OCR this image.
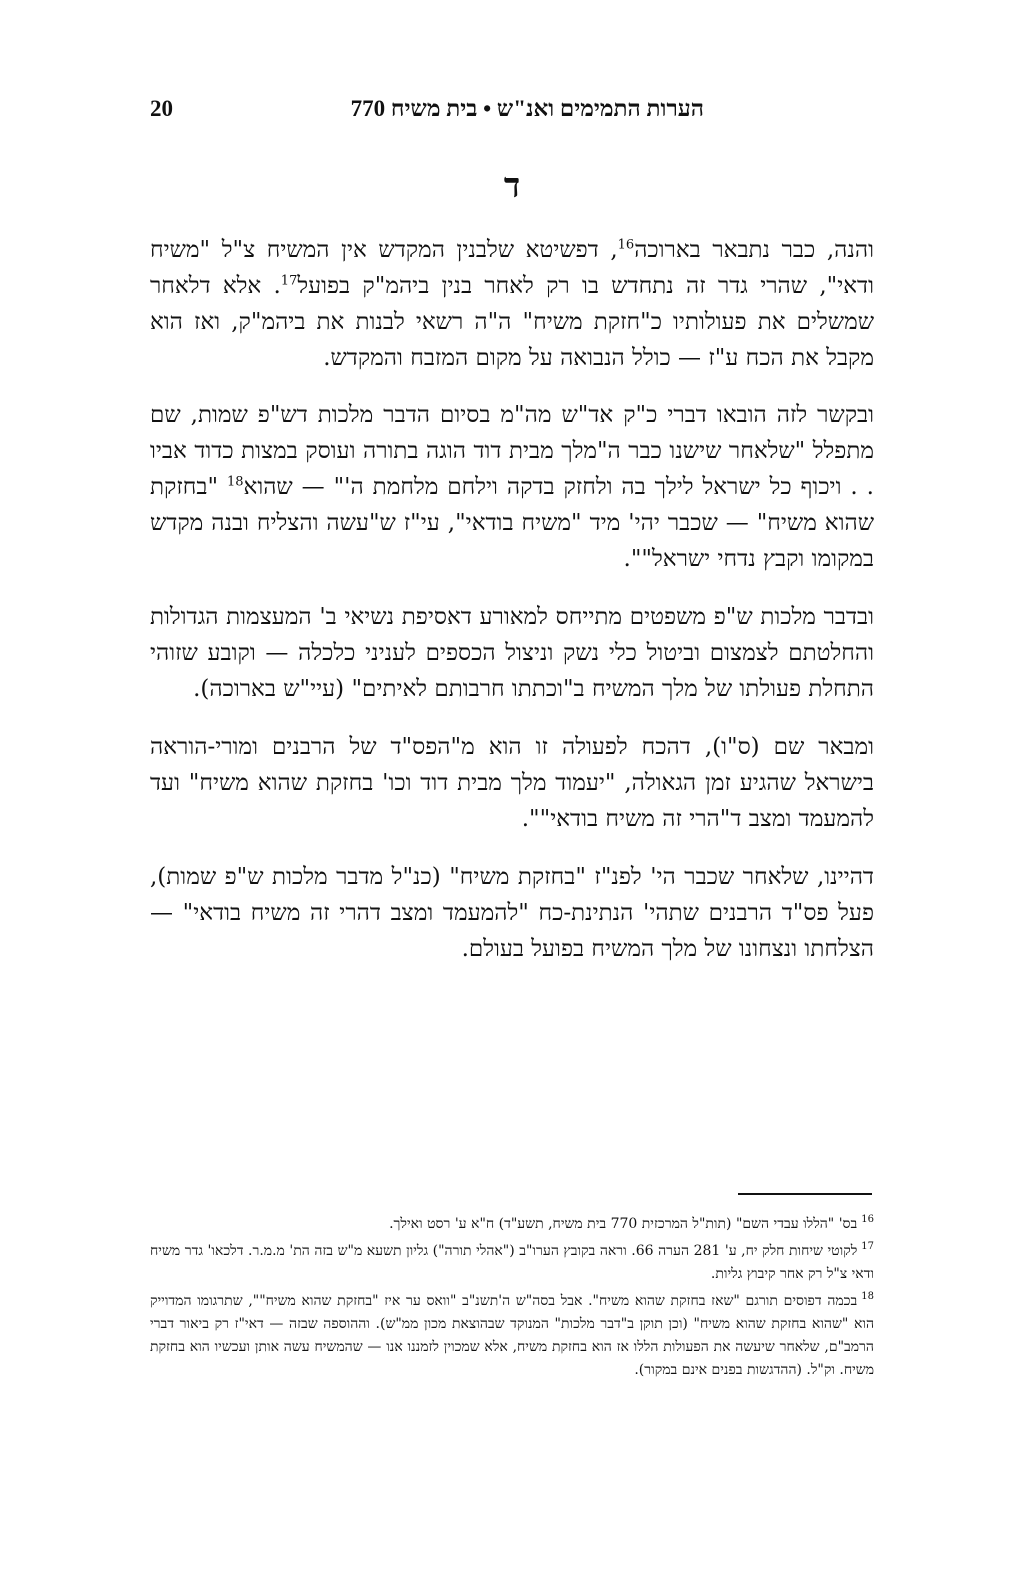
הערות התמימים ואנ"ש • בית משיח 770
20
ד

והנה, כבר נתבאר בארוכה$^{16}$, דפשיטא שלבנין המקדש אין המשיח צ"ל "משיח ודאי", שהרי גדר זה נתחדש בו רק לאחר בנין ביהמ"ק בפועל$^{17}$. אלא דלאחר שמשלים את פעולותיו כ"חזקת משיח" ה"ה רשאי לבנות את ביהמ"ק, ואז הוא מקבל את הכח ע"ז — כולל הנבואה על מקום המזבח והמקדש.

ובקשר לזה הובאו דברי כ"ק אד"ש מה"מ בסיום הדבר מלכות דש"פ שמות, שם מתפלל "שלאחר שישנו כבר ה"מלך מבית דוד הוגה בתורה ועוסק במצות כדוד אביו . . ויכוף כל ישראל לילך בה ולחזק בדקה וילחם מלחמת ה'" — שהוא$^{18}$ "בחזקת שהוא משיח" — שכבר יהי' מיד "משיח בודאי", עי"ז ש"עשה והצליח ובנה מקדש במקומו וקבץ נדחי ישראל"".

ובדבר מלכות ש"פ משפטים מתייחס למאורע דאסיפת נשיאי ב' המעצמות הגדולות והחלטתם לצמצום וביטול כלי נשק וניצול הכספים לעניני כלכלה — וקובע שזוהי התחלת פעולתו של מלך המשיח ב"וכתתו חרבותם לאיתים" (עיי"ש בארוכה).

ומבאר שם (ס"ו), דהכח לפעולה זו הוא מ"הפס"ד של הרבנים ומורי-הוראה בישראל שהגיע זמן הגאולה, "יעמוד מלך מבית דוד וכו' בחזקת שהוא משיח" ועד להמעמד ומצב ד"הרי זה משיח בודאי"".

דהיינו, שלאחר שכבר הי' לפנ"ז "בחזקת משיח" (כנ"ל מדבר מלכות ש"פ שמות), פעל פס"ד הרבנים שתהי' הנתינת-כח "להמעמד ומצב דהרי זה משיח בודאי" — הצלחתו ונצחונו של מלך המשיח בפועל בעולם.

$^{16}$בס' "הללו עבדי השם" (תות"ל המרכזית 770 בית משיח, תשע"ד) ח"א ע' רסט ואילך.
$^{17}$לקוטי שיחות חלק יח, ע' 281 הערה 66. וראה בקובץ הערו"ב ("אהלי תורה") גליון תשעא מ"ש בזה הת' מ.מ.ר. דלכאו' גדר משיח ודאי צ"ל רק אחר קיבוץ גליות.
$^{18}$בכמה דפוסים תורגם "שאז בחזקת שהוא משיח". אבל בסה"ש ה'תשנ"ב "וואס ער איז "בחזקת שהוא משיח"", שתרגומו המדוייק הוא "שהוא בחזקת שהוא משיח" (וכן תוקן ב"דבר מלכות" המנוקד שבהוצאת מכון ממ"ש). וההוספה שבזה — דאי"ז רק ביאור דברי הרמב"ם, שלאחר שיעשה את הפעולות הללו אז הוא בחזקת משיח, אלא שמכוין לזמננו אנו — שהמשיח עשה אותן ועכשיו הוא בחזקת משיח. וק"ל. (ההדגשות בפנים אינם במקור).
